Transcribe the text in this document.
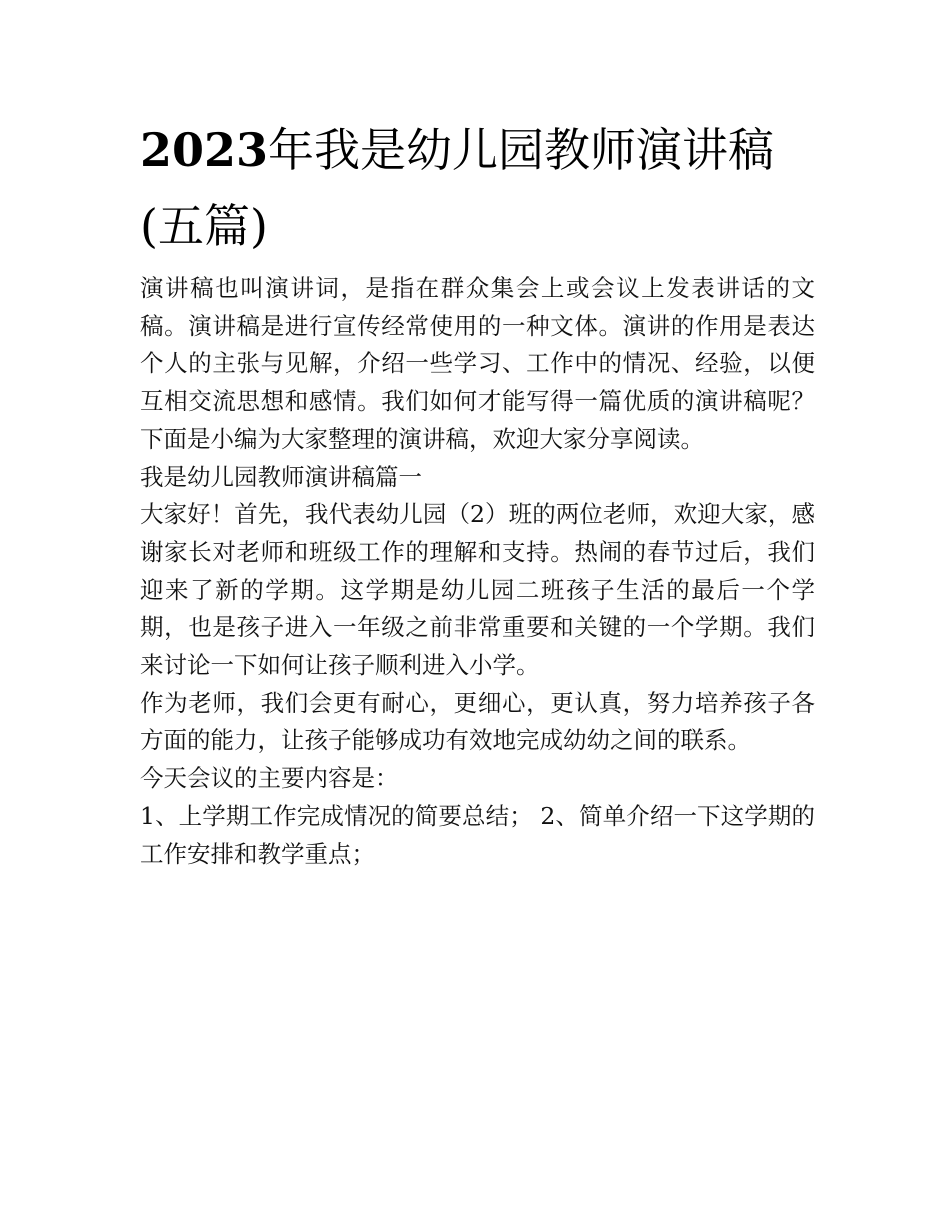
2023年我是幼儿园教师演讲稿(五篇)

演讲稿也叫演讲词，是指在群众集会上或会议上发表讲话的文稿。演讲稿是进行宣传经常使用的一种文体。演讲的作用是表达个人的主张与见解，介绍一些学习、工作中的情况、经验，以便互相交流思想和感情。我们如何才能写得一篇优质的演讲稿呢？下面是小编为大家整理的演讲稿，欢迎大家分享阅读。

我是幼儿园教师演讲稿篇一

大家好！首先，我代表幼儿园（2）班的两位老师，欢迎大家，感谢家长对老师和班级工作的理解和支持。热闹的春节过后，我们迎来了新的学期。这学期是幼儿园二班孩子生活的最后一个学期，也是孩子进入一年级之前非常重要和关键的一个学期。我们来讨论一下如何让孩子顺利进入小学。

作为老师，我们会更有耐心，更细心，更认真，努力培养孩子各方面的能力，让孩子能够成功有效地完成幼幼之间的联系。

今天会议的主要内容是：

1、上学期工作完成情况的简要总结； 2、简单介绍一下这学期的工作安排和教学重点；
